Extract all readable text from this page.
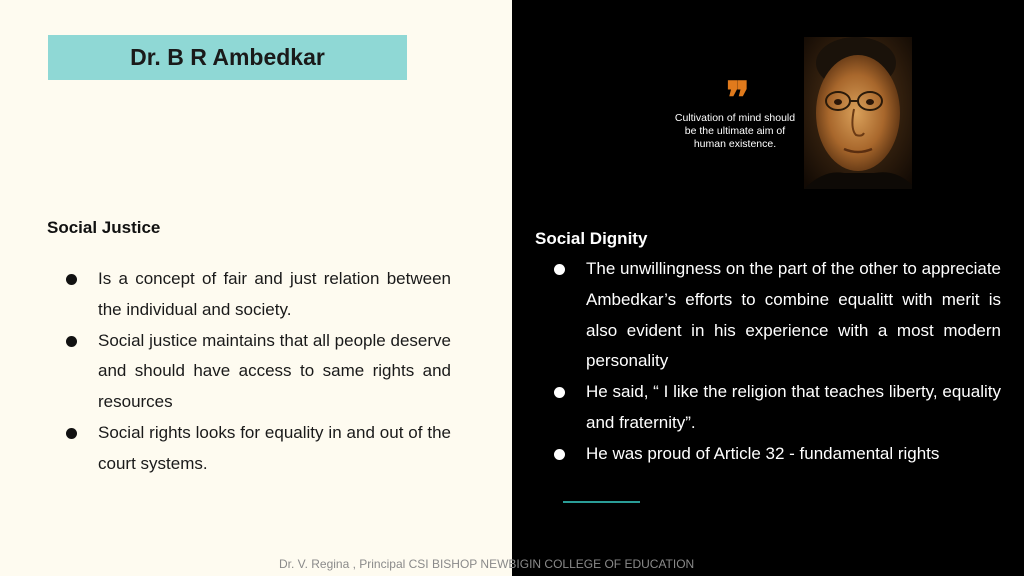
Dr. B R Ambedkar
Social Justice
Is a concept of fair and just relation between the individual and society.
Social justice maintains that all people deserve and should have access to same rights and resources
Social rights looks for equality in and out of the court systems.
❞
Cultivation of mind should be the ultimate aim of human existence.
Social Dignity
The unwillingness on the part of the other to appreciate Ambedkar’s efforts to combine equalitt with merit is also evident in his experience with a most modern personality
He said, “ I like the religion that teaches liberty, equality and fraternity”.
He was proud of Article 32 - fundamental rights
Dr. V. Regina , Principal CSI BISHOP NEWBIGIN COLLEGE OF EDUCATION
